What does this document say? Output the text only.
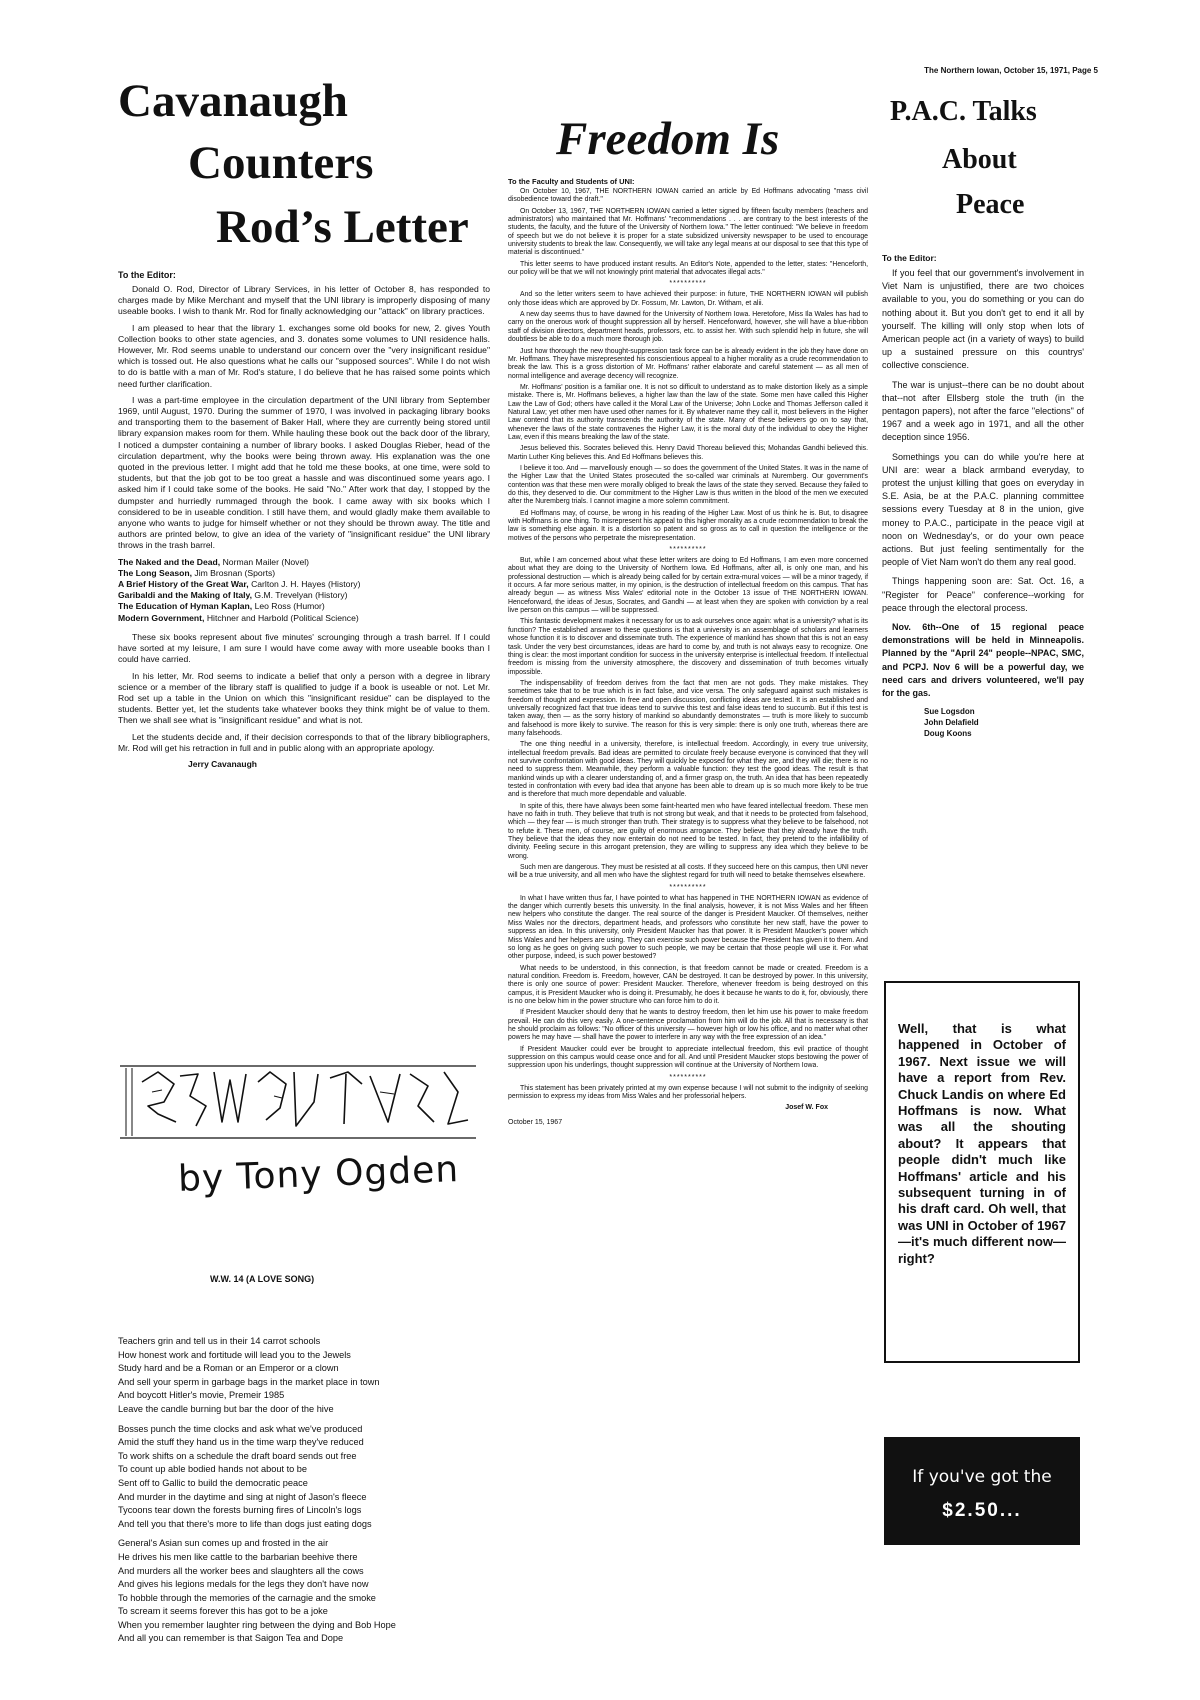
The Northern Iowan, October 15, 1971, Page 5
Cavanaugh
Counters
Rod’s Letter
To the Editor:

Donald O. Rod, Director of Library Services, in his letter of October 8, has responded to charges made by Mike Merchant and myself that the UNI library is improperly disposing of many useable books. I wish to thank Mr. Rod for finally acknowledging our "attack" on library practices.

I am pleased to hear that the library 1. exchanges some old books for new, 2. gives Youth Collection books to other state agencies, and 3. donates some volumes to UNI residence halls. However, Mr. Rod seems unable to understand our concern over the "very insignificant residue" which is tossed out. He also questions what he calls our "supposed sources". While I do not wish to do is battle with a man of Mr. Rod's stature, I do believe that he has raised some points which need further clarification.

I was a part-time employee in the circulation department of the UNI library from September 1969, until August, 1970. During the summer of 1970, I was involved in packaging library books and transporting them to the basement of Baker Hall, where they are currently being stored until library expansion makes room for them. While hauling these book out the back door of the library, I noticed a dumpster containing a number of library books. I asked Douglas Rieber, head of the circulation department, why the books were being thrown away. His explanation was the one quoted in the previous letter. I might add that he told me these books, at one time, were sold to students, but that the job got to be too great a hassle and was discontinued some years ago. I asked him if I could take some of the books. He said "No." After work that day, I stopped by the dumpster and hurriedly rummaged through the book. I came away with six books which I considered to be in useable condition. I still have them, and would gladly make them available to anyone who wants to judge for himself whether or not they should be thrown away. The title and authors are printed below, to give an idea of the variety of "insignificant residue" the UNI library throws in the trash barrel.

The Naked and the Dead, Norman Mailer (Novel)
The Long Season, Jim Brosnan (Sports)
A Brief History of the Great War, Carlton J. H. Hayes (History)
Garibaldi and the Making of Italy, G.M. Trevelyan (History)
The Education of Hyman Kaplan, Leo Ross (Humor)
Modern Government, Hitchner and Harbold (Political Science)

These six books represent about five minutes' scrounging through a trash barrel. If I could have sorted at my leisure, I am sure I would have come away with more useable books than I could have carried.

In his letter, Mr. Rod seems to indicate a belief that only a person with a degree in library science or a member of the library staff is qualified to judge if a book is useable or not. Let Mr. Rod set up a table in the Union on which this "insignificant residue" can be displayed to the students. Better yet, let the students take whatever books they think might be of value to them. Then we shall see what is "insignificant residue" and what is not.

Let the students decide and, if their decision corresponds to that of the library bibliographers, Mr. Rod will get his retraction in full and in public along with an appropriate apology.

Jerry Cavanaugh
by Tony Ogden
W.W. 14 (A LOVE SONG)
Teachers grin and tell us in their 14 carrot schools
How honest work and fortitude will lead you to the Jewels
Study hard and be a Roman or an Emperor or a clown
And sell your sperm in garbage bags in the market place in town
And boycott Hitler's movie, Premeir 1985
Leave the candle burning but bar the door of the hive
Bosses punch the time clocks and ask what we've produced
Amid the stuff they hand us in the time warp they've reduced
To work shifts on a schedule the draft board sends out free
To count up able bodied hands not about to be
Sent off to Gallic to build the democratic peace
And murder in the daytime and sing at night of Jason's fleece
Tycoons tear down the forests burning fires of Lincoln's logs
And tell you that there's more to life than dogs just eating dogs
General's Asian sun comes up and frosted in the air
He drives his men like cattle to the barbarian beehive there
And murders all the worker bees and slaughters all the cows
And gives his legions medals for the legs they don't have now
To hobble through the memories of the carnagie and the smoke
To scream it seems forever this has got to be a joke
When you remember laughter ring between the dying and Bob Hope
And all you can remember is that Saigon Tea and Dope
Freedom Is
To the Faculty and Students of UNI:

On October 10, 1967, THE NORTHERN IOWAN carried an article by Ed Hoffmans advocating "mass civil disobedience toward the draft."

On October 13, 1967, THE NORTHERN IOWAN carried a letter signed by fifteen faculty members (teachers and administrators) who maintained that Mr. Hoffmans' "recommendations . . . are contrary to the best interests of the students, the faculty, and the future of the University of Northern Iowa." The letter continued: "We believe in freedom of speech but we do not believe it is proper for a state subsidized university newspaper to be used to encourage university students to break the law. Consequently, we will take any legal means at our disposal to see that this type of material is discontinued."

This letter seems to have produced instant results. An Editor's Note, appended to the letter, states: "Henceforth, our policy will be that we will not knowingly print material that advocates illegal acts."

**********

And so the letter writers seem to have achieved their purpose: in future, THE NORTHERN IOWAN will publish only those ideas which are approved by Dr. Fossum, Mr. Lawton, Dr. Witham, et alii.

A new day seems thus to have dawned for the University of Northern Iowa. Heretofore, Miss Ila Wales has had to carry on the onerous work of thought suppression all by herself. Henceforward, however, she will have a blue-ribbon staff of division directors, department heads, professors, etc. to assist her. With such splendid help in future, she will doubtless be able to do a much more thorough job.

Just how thorough the new thought-suppression task force can be is already evident in the job they have done on Mr. Hoffmans. They have misrepresented his conscientious appeal to a higher morality as a crude recommendation to break the law. This is a gross distortion of Mr. Hoffmans' rather elaborate and careful statement — as all men of normal intelligence and average decency will recognize.

Mr. Hoffmans' position is a familiar one. It is not so difficult to understand as to make distortion likely as a simple mistake. There is, Mr. Hoffmans believes, a higher law than the law of the state. Some men have called this Higher Law the Law of God; others have called it the Moral Law of the Universe; John Locke and Thomas Jefferson called it Natural Law; yet other men have used other names for it. By whatever name they call it, most believers in the Higher Law contend that its authority transcends the authority of the state. Many of these believers go on to say that, whenever the laws of the state contravenes the Higher Law, it is the moral duty of the individual to obey the Higher Law, even if this means breaking the law of the state.

Jesus believed this. Socrates believed this. Henry David Thoreau believed this; Mohandas Gandhi believed this. Martin Luther King believes this. And Ed Hoffmans believes this.

I believe it too. And — marvellously enough — so does the government of the United States. It was in the name of the Higher Law that the United States prosecuted the so-called war criminals at Nuremberg. Our government's contention was that these men were morally obliged to break the laws of the state they served. Because they failed to do this, they deserved to die. Our commitment to the Higher Law is thus written in the blood of the men we executed after the Nuremberg trials. I cannot imagine a more solemn commitment.

Ed Hoffmans may, of course, be wrong in his reading of the Higher Law. Most of us think he is. But, to disagree with Hoffmans is one thing. To misrepresent his appeal to this higher morality as a crude recommendation to break the law is something else again. It is a distortion so patent and so gross as to call in question the intelligence or the motives of the persons who perpetrate the misrepresentation.

**********

But, while I am concerned about what these letter writers are doing to Ed Hoffmans, I am even more concerned about what they are doing to the University of Northern Iowa. Ed Hoffmans, after all, is only one man, and his professional destruction — which is already being called for by certain extra-mural voices — will be a minor tragedy, if it occurs. A far more serious matter, in my opinion, is the destruction of intellectual freedom on this campus. That has already begun — as witness Miss Wales' editorial note in the October 13 issue of THE NORTHERN IOWAN. Henceforward, the ideas of Jesus, Socrates, and Gandhi — at least when they are spoken with conviction by a real live person on this campus — will be suppressed.

This fantastic development makes it necessary for us to ask ourselves once again: what is a university? what is its function? The established answer to these questions is that a university is an assemblage of scholars and learners whose function it is to discover and disseminate truth. The experience of mankind has shown that this is not an easy task. Under the very best circumstances, ideas are hard to come by, and truth is not always easy to recognize. One thing is clear: the most important condition for success in the university enterprise is intellectual freedom. If intellectual freedom is missing from the university atmosphere, the discovery and dissemination of truth becomes virtually impossible.

The indispensability of freedom derives from the fact that men are not gods. They make mistakes. They sometimes take that to be true which is in fact false, and vice versa. The only safeguard against such mistakes is freedom of thought and expression. In free and open discussion, conflicting ideas are tested. It is an established and universally recognized fact that true ideas tend to survive this test and false ideas tend to succumb. But if this test is taken away, then — as the sorry history of mankind so abundantly demonstrates — truth is more likely to succumb and falsehood is more likely to survive. The reason for this is very simple: there is only one truth, whereas there are many falsehoods.

The one thing needful in a university, therefore, is intellectual freedom. Accordingly, in every true university, intellectual freedom prevails. Bad ideas are permitted to circulate freely because everyone is convinced that they will not survive confrontation with good ideas. They will quickly be exposed for what they are, and they will die; there is no need to suppress them. Meanwhile, they perform a valuable function: they test the good ideas. The result is that mankind winds up with a clearer understanding of, and a firmer grasp on, the truth. An idea that has been repeatedly tested in confrontation with every bad idea that anyone has been able to dream up is so much more likely to be true and is therefore that much more dependable and valuable.

In spite of this, there have always been some faint-hearted men who have feared intellectual freedom. These men have no faith in truth. They believe that truth is not strong but weak, and that it needs to be protected from falsehood, which — they fear — is much stronger than truth. Their strategy is to suppress what they believe to be falsehood, not to refute it. These men, of course, are guilty of enormous arrogance. They believe that they already have the truth. They believe that the ideas they now entertain do not need to be tested. In fact, they pretend to the infallibility of divinity. Feeling secure in this arrogant pretension, they are willing to suppress any idea which they believe to be wrong.

Such men are dangerous. They must be resisted at all costs. If they succeed here on this campus, then UNI never will be a true university, and all men who have the slightest regard for truth will need to betake themselves elsewhere.

**********

In what I have written thus far, I have pointed to what has happened in THE NORTHERN IOWAN as evidence of the danger which currently besets this university. In the final analysis, however, it is not Miss Wales and her fifteen new helpers who constitute the danger. The real source of the danger is President Maucker. Of themselves, neither Miss Wales nor the directors, department heads, and professors who constitute her new staff, have the power to suppress an idea. In this university, only President Maucker has that power. It is President Maucker's power which Miss Wales and her helpers are using. They can exercise such power because the President has given it to them. And so long as he goes on giving such power to such people, we may be certain that those people will use it. For what other purpose, indeed, is such power bestowed?

What needs to be understood, in this connection, is that freedom cannot be made or created. Freedom is a natural condition. Freedom is. Freedom, however, CAN be destroyed. It can be destroyed by power. In this university, there is only one source of power: President Maucker. Therefore, whenever freedom is being destroyed on this campus, it is President Maucker who is doing it. Presumably, he does it because he wants to do it, for, obviously, there is no one below him in the power structure who can force him to do it.

If President Maucker should deny that he wants to destroy freedom, then let him use his power to make freedom prevail. He can do this very easily. A one-sentence proclamation from him will do the job. All that is necessary is that he should proclaim as follows: "No officer of this university — however high or low his office, and no matter what other powers he may have — shall have the power to interfere in any way with the free expression of an idea."

If President Maucker could ever be brought to appreciate intellectual freedom, this evil practice of thought suppression on this campus would cease once and for all. And until President Maucker stops bestowing the power of suppression upon his underlings, thought suppression will continue at the University of Northern Iowa.

**********

This statement has been privately printed at my own expense because I will not submit to the indignity of seeking permission to express my ideas from Miss Wales and her professorial helpers.

Josef W. Fox
October 15, 1967
P.A.C. Talks
About
Peace
To the Editor:

If you feel that our government's involvement in Viet Nam is unjustified, there are two choices available to you, you do something or you can do nothing about it. But you don't get to end it all by yourself. The killing will only stop when lots of American people act (in a variety of ways) to build up a sustained pressure on this countrys' collective conscience.

The war is unjust--there can be no doubt about that--not after Ellsberg stole the truth (in the pentagon papers), not after the farce "elections" of 1967 and a week ago in 1971, and all the other deception since 1956.

Somethings you can do while you're here at UNI are: wear a black armband everyday, to protest the unjust killing that goes on everyday in S.E. Asia, be at the P.A.C. planning committee sessions every Tuesday at 8 in the union, give money to P.A.C., participate in the peace vigil at noon on Wednesday's, or do your own peace actions. But just feeling sentimentally for the people of Viet Nam won't do them any real good.

Things happening soon are: Sat. Oct. 16, a "Register for Peace" conference--working for peace through the electoral process.

Nov. 6th--One of 15 regional peace demonstrations will be held in Minneapolis. Planned by the "April 24" people--NPAC, SMC, and PCPJ. Nov 6 will be a powerful day, we need cars and drivers volunteered, we'll pay for the gas.

Sue Logsdon
John Delafield
Doug Koons
Well, that is what happened in October of 1967. Next issue we will have a report from Rev. Chuck Landis on where Ed Hoffmans is now. What was all the shouting about? It appears that people didn't much like Hoffmans' article and his subsequent turning in of his draft card. Oh well, that was UNI in October of 1967—it's much different now—right?
If you've got the
$2.50...
